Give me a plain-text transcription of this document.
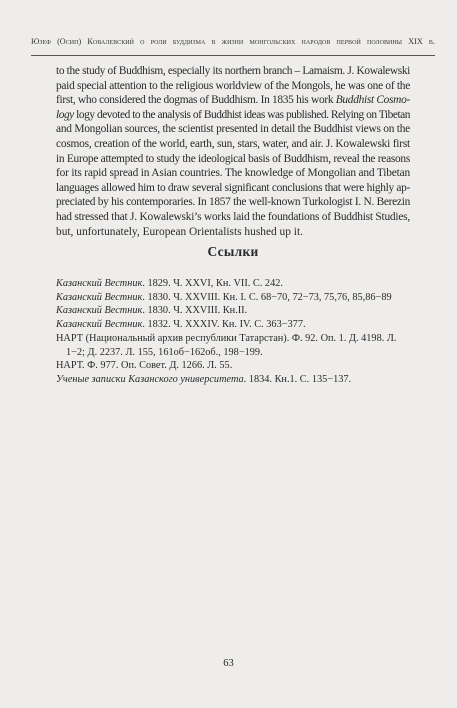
Юзеф (Осип) Ковалевский о роли буддизма в жизни монгольских народов первой половины XIX в.
to the study of Buddhism, especially its northern branch – Lamaism. J. Kowalewski
paid special attention to the religious worldview of the Mongols, he was one of the
first, who considered the dogmas of Buddhism. In 1835 his work Buddhist Cosmo-
logy logy devoted to the analysis of Buddhist ideas was published. Relying on Tibetan
and Mongolian sources, the scientist presented in detail the Buddhist views on the
cosmos, creation of the world, earth, sun, stars, water, and air. J. Kowalewski first
in Europe attempted to study the ideological basis of Buddhism, reveal the reasons
for its rapid spread in Asian countries. The knowledge of Mongolian and Tibetan
languages allowed him to draw several significant conclusions that were highly ap-
preciated by his contemporaries. In 1857 the well-known Turkologist I. N. Berezin
had stressed that J. Kowalewski’s works laid the foundations of Buddhist Studies,
but, unfortunately, European Orientalists hushed up it.
Ссылки
Казанский Вестник. 1829. Ч. XXVI, Кн. VII. С. 242.
Казанский Вестник. 1830. Ч. XXVIII. Кн. I. С. 68−70, 72−73, 75,76, 85,86−89
Казанский Вестник. 1830. Ч. XXVIII. Кн.II.
Казанский Вестник. 1832. Ч. XXXIV. Кн. IV. С. 363−377.
НАРТ (Национальный архив республики Татарстан). Ф. 92. Оп. 1. Д. 4198. Л. 1−2; Д. 2237. Л. 155, 161об−162об., 198−199.
НАРТ. Ф. 977. Оп. Совет. Д. 1266. Л. 55.
Ученые записки Казанского университета. 1834. Кн.1. С. 135−137.
63
